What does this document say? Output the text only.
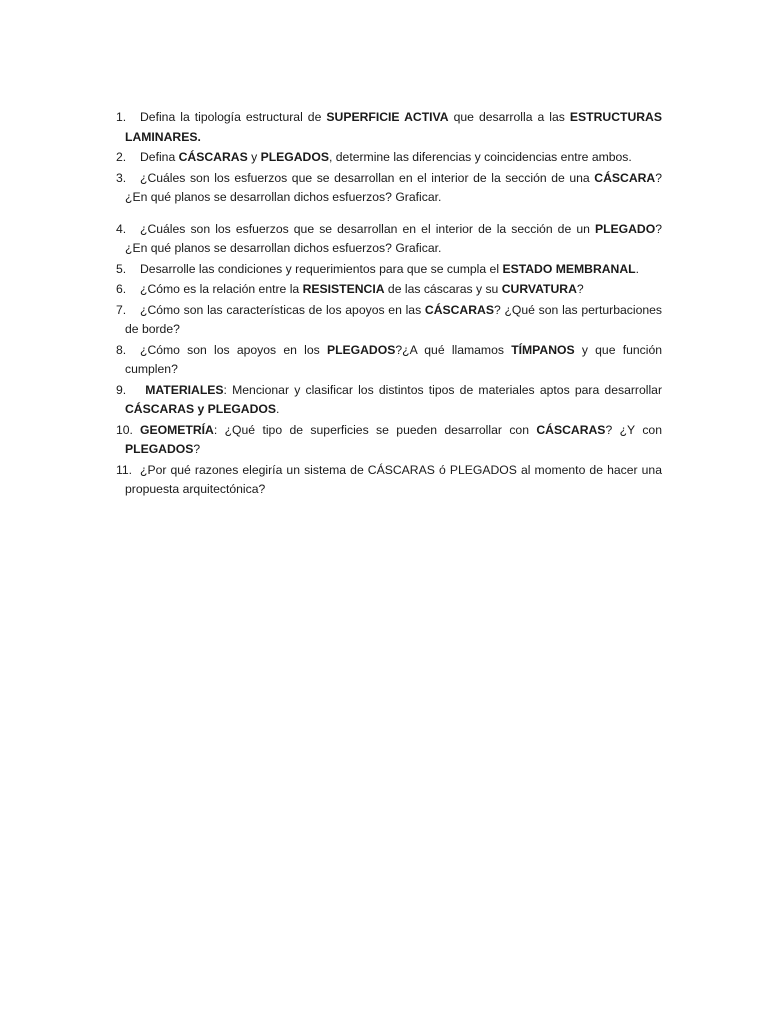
1. Defina la tipología estructural de SUPERFICIE ACTIVA que desarrolla a las ESTRUCTURAS LAMINARES.
2. Defina CÁSCARAS y PLEGADOS, determine las diferencias y coincidencias entre ambos.
3. ¿Cuáles son los esfuerzos que se desarrollan en el interior de la sección de una CÁSCARA? ¿En qué planos se desarrollan dichos esfuerzos? Graficar.
4. ¿Cuáles son los esfuerzos que se desarrollan en el interior de la sección de un PLEGADO? ¿En qué planos se desarrollan dichos esfuerzos? Graficar.
5. Desarrolle las condiciones y requerimientos para que se cumpla el ESTADO MEMBRANAL.
6. ¿Cómo es la relación entre la RESISTENCIA de las cáscaras y su CURVATURA?
7. ¿Cómo son las características de los apoyos en las CÁSCARAS? ¿Qué son las perturbaciones de borde?
8. ¿Cómo son los apoyos en los PLEGADOS?¿A qué llamamos TÍMPANOS y que función cumplen?
9. MATERIALES: Mencionar y clasificar los distintos tipos de materiales aptos para desarrollar CÁSCARAS y PLEGADOS.
10. GEOMETRÍA: ¿Qué tipo de superficies se pueden desarrollar con CÁSCARAS? ¿Y con PLEGADOS?
11. ¿Por qué razones elegiría un sistema de CÁSCARAS ó PLEGADOS al momento de hacer una propuesta arquitectónica?
